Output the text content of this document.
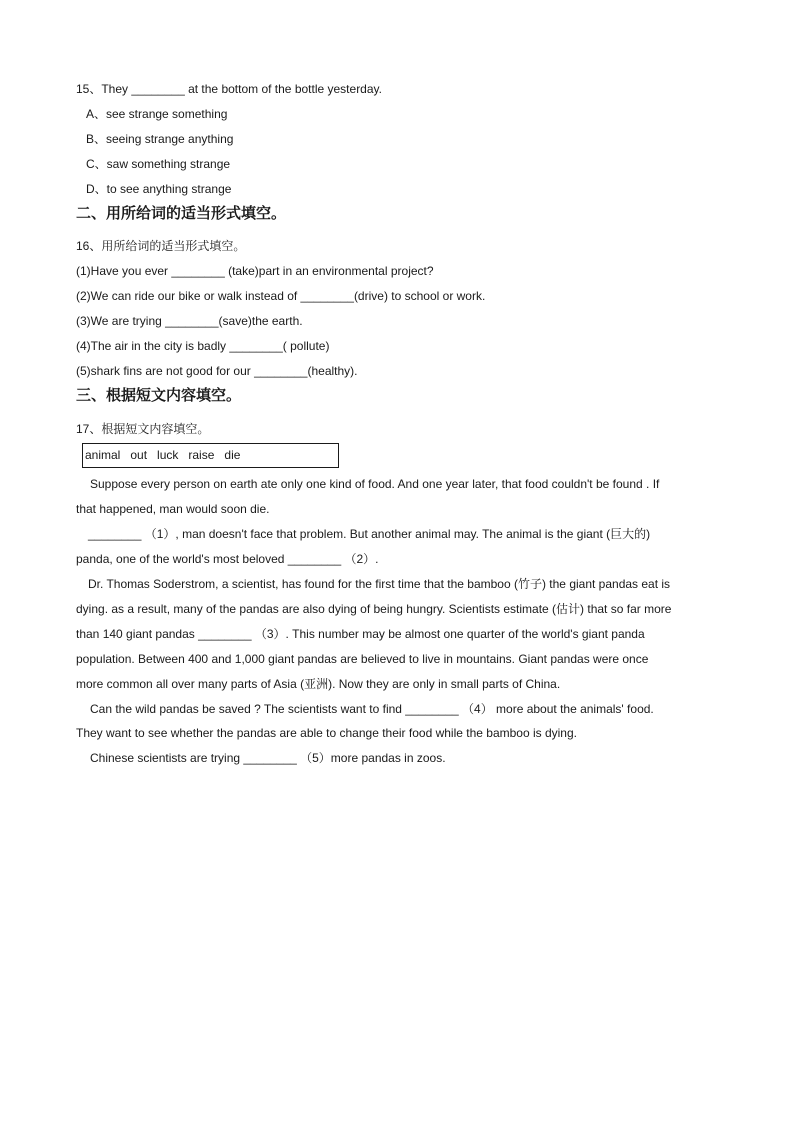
15、They ________ at the bottom of the bottle yesterday.
A、see strange something
B、seeing strange anything
C、saw something strange
D、to see anything strange
二、用所给词的适当形式填空。
16、用所给词的适当形式填空。
(1)Have you ever ________ (take)part in an environmental project?
(2)We can ride our bike or walk instead of ________(drive) to school or work.
(3)We are trying ________(save)the earth.
(4)The air in the city is badly ________( pollute)
(5)shark fins are not good for our ________(healthy).
三、根据短文内容填空。
17、根据短文内容填空。
animal   out   luck   raise   die
Suppose every person on earth ate only one kind of food. And one year later, that food couldn't be found . If
that happened, man would soon die.
________ （1）, man doesn't face that problem. But another animal may. The animal is the giant (巨大的)
panda, one of the world's most beloved ________ （2）.
Dr. Thomas Soderstrom, a scientist, has found for the first time that the bamboo (竹子) the giant pandas eat is
dying. as a result, many of the pandas are also dying of being hungry. Scientists estimate (估计) that so far more
than 140 giant pandas ________ （3）. This number may be almost one quarter of the world's giant panda
population. Between 400 and 1,000 giant pandas are believed to live in mountains. Giant pandas were once
more common all over many parts of Asia (亚洲). Now they are only in small parts of China.
Can the wild pandas be saved ? The scientists want to find ________ （4） more about the animals' food.
They want to see whether the pandas are able to change their food while the bamboo is dying.
Chinese scientists are trying ________ （5）more pandas in zoos.
